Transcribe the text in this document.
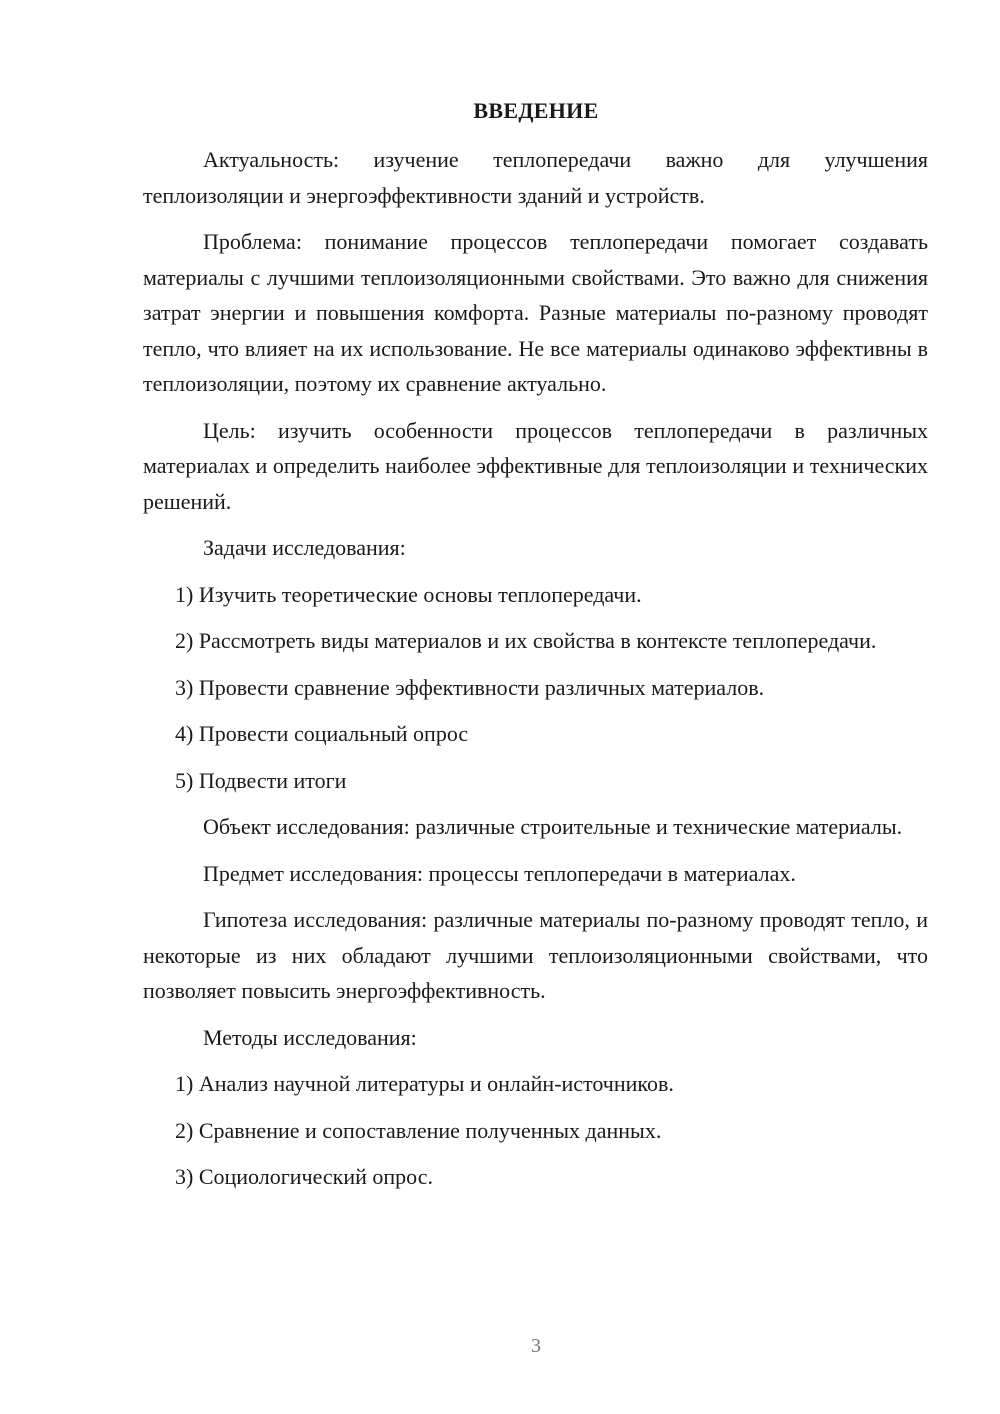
ВВЕДЕНИЕ

Актуальность: изучение теплопередачи важно для улучшения теплоизоляции и энергоэффективности зданий и устройств.

Проблема: понимание процессов теплопередачи помогает создавать материалы с лучшими теплоизоляционными свойствами. Это важно для снижения затрат энергии и повышения комфорта. Разные материалы по-разному проводят тепло, что влияет на их использование. Не все материалы одинаково эффективны в теплоизоляции, поэтому их сравнение актуально.

Цель: изучить особенности процессов теплопередачи в различных материалах и определить наиболее эффективные для теплоизоляции и технических решений.

Задачи исследования:

1) Изучить теоретические основы теплопередачи.

2) Рассмотреть виды материалов и их свойства в контексте теплопередачи.

3) Провести сравнение эффективности различных материалов.

4) Провести социальный опрос

5) Подвести итоги

Объект исследования: различные строительные и технические материалы.

Предмет исследования: процессы теплопередачи в материалах.

Гипотеза исследования: различные материалы по-разному проводят тепло, и некоторые из них обладают лучшими теплоизоляционными свойствами, что позволяет повысить энергоэффективность.

Методы исследования:

1) Анализ научной литературы и онлайн-источников.

2) Сравнение и сопоставление полученных данных.

3) Социологический опрос.

3
